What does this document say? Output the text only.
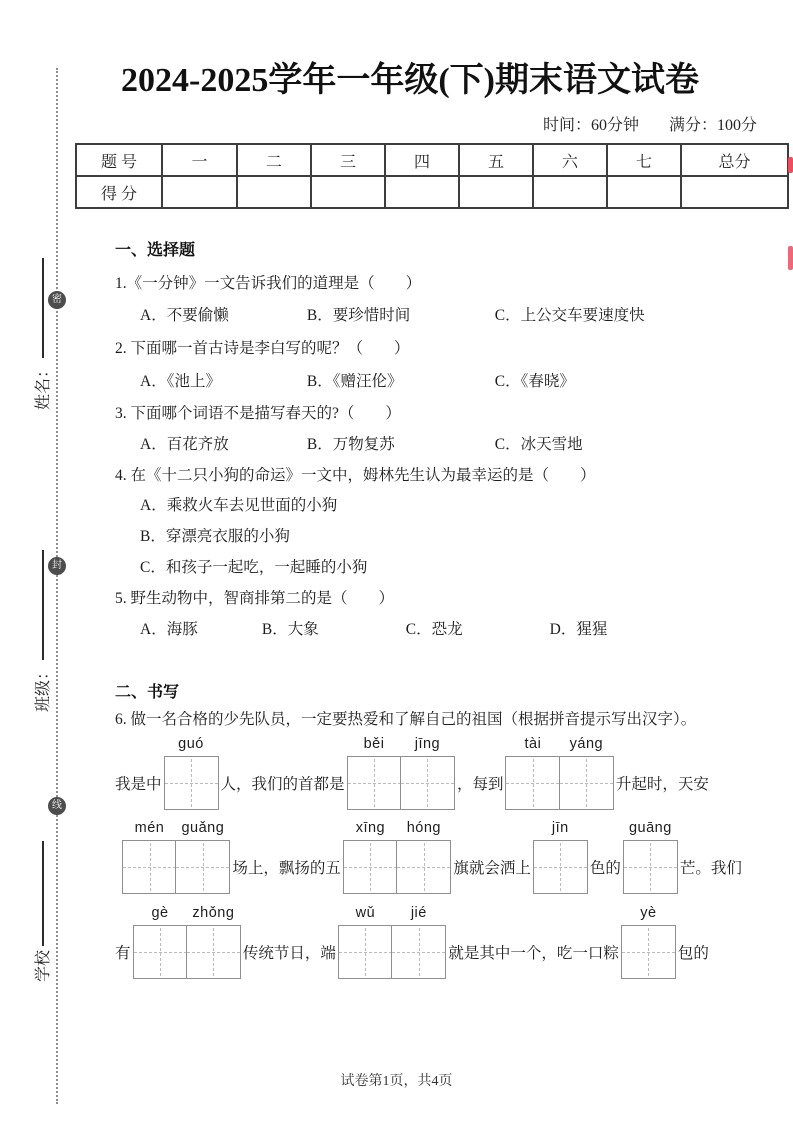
2024-2025学年一年级(下)期末语文试卷
时间：60分钟 满分：100分
题 号	一	二	三	四	五	六	七	总分
得 分								
密
封
线
姓名：
班级：
学校
一、选择题
1.《一分钟》一文告诉我们的道理是（　　）
A．不要偷懒	B．要珍惜时间	C．上公交车要速度快
2. 下面哪一首古诗是李白写的呢？（　　）
A．《池上》	B．《赠汪伦》	C．《春晓》
3. 下面哪个词语不是描写春天的?（　　）
A．百花齐放	B．万物复苏	C．冰天雪地
4. 在《十二只小狗的命运》一文中，姆林先生认为最幸运的是（　　）
A．乘救火车去见世面的小狗
B．穿漂亮衣服的小狗
C．和孩子一起吃，一起睡的小狗
5. 野生动物中，智商排第二的是（　　）
A．海豚	B．大象	C．恐龙	D．猩猩
二、书写
6. 做一名合格的少先队员，一定要热爱和了解自己的祖国（根据拼音提示写出汉字）。
我是中
guó
人，我们的首都是
běi	jīng
，每到
tài	yáng
升起时，天安
mén	guǎng
场上，飘扬的五
xīng	hóng
旗就会洒上
jīn
色的
guāng
芒。我们
有
gè	zhǒng
传统节日，端
wǔ	jié
就是其中一个，吃一口粽
yè
包的
试卷第1页，共4页
